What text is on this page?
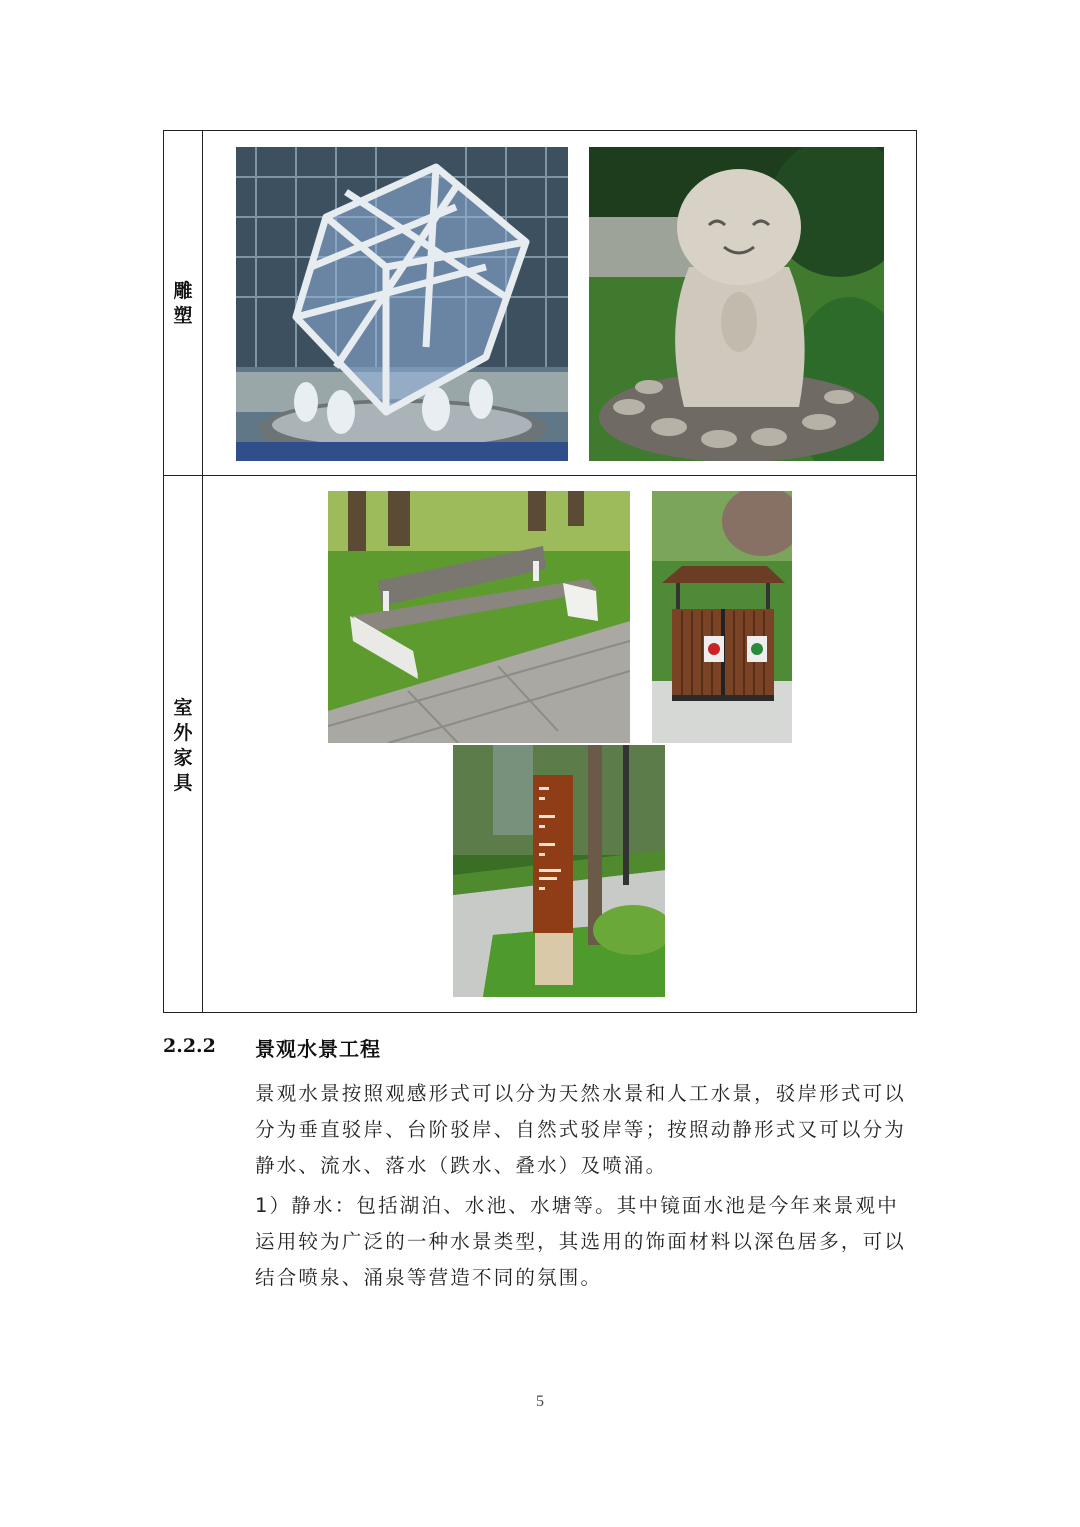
雕
塑
室
外
家
具
2.2.2 景观水景工程

景观水景按照观感形式可以分为天然水景和人工水景，驳岸形式可以分为垂直驳岸、台阶驳岸、自然式驳岸等；按照动静形式又可以分为静水、流水、落水（跌水、叠水）及喷涌。

1）静水：包括湖泊、水池、水塘等。其中镜面水池是今年来景观中运用较为广泛的一种水景类型，其选用的饰面材料以深色居多，可以结合喷泉、涌泉等营造不同的氛围。

5
